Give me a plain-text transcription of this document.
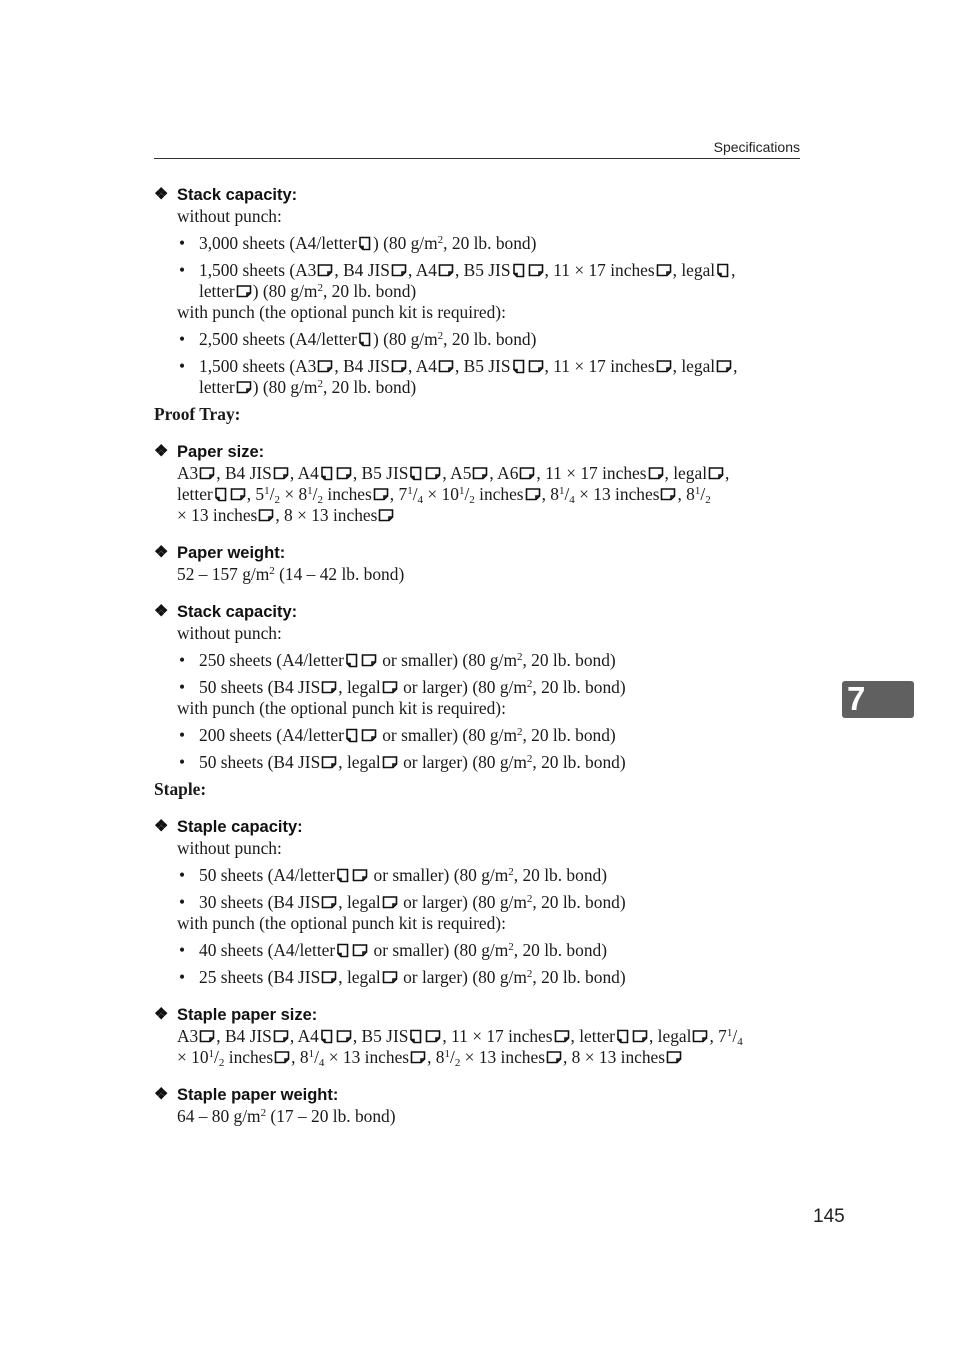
Specifications
7
❖ Stack capacity:
without punch:
• 3,000 sheets (A4/letter ) (80 $g/m^2$, 20 lb. bond)
• 1,500 sheets (A3 , B4 JIS , A4 , B5 JIS , 11 × 17 inches , legal ,
letter ) (80 $g/m^2$, 20 lb. bond)
with punch (the optional punch kit is required):
• 2,500 sheets (A4/letter ) (80 $g/m^2$, 20 lb. bond)
• 1,500 sheets (A3 , B4 JIS , A4 , B5 JIS , 11 × 17 inches , legal ,
letter ) (80 $g/m^2$, 20 lb. bond)
Proof Tray:
❖ Paper size:
A3 , B4 JIS , A4 , B5 JIS , A5 , A6 , 11 × 17 inches , legal ,
letter , $5^1/_2 \times 8^1/_2$ inches , $7^1/_4 \times 10^1/_2$ inches , $8^1/_4 \times 13$ inches , $8^1/_2$
× 13 inches , 8 × 13 inches
❖ Paper weight:
52 – 157 $g/m^2$ (14 – 42 lb. bond)
❖ Stack capacity:
without punch:
• 250 sheets (A4/letter
or smaller) (80 $g/m^2$, 20 lb. bond)
• 50 sheets (B4 JIS , legal
or larger) (80 $g/m^2$, 20 lb. bond)
with punch (the optional punch kit is required):
• 200 sheets (A4/letter
or smaller) (80 $g/m^2$, 20 lb. bond)
• 50 sheets (B4 JIS , legal
or larger) (80 $g/m^2$, 20 lb. bond)
Staple:
❖ Staple capacity:
without punch:
• 50 sheets (A4/letter
or smaller) (80 $g/m^2$, 20 lb. bond)
• 30 sheets (B4 JIS , legal
or larger) (80 $g/m^2$, 20 lb. bond)
with punch (the optional punch kit is required):
• 40 sheets (A4/letter
or smaller) (80 $g/m^2$, 20 lb. bond)
• 25 sheets (B4 JIS , legal
or larger) (80 $g/m^2$, 20 lb. bond)
❖ Staple paper size:
A3 , B4 JIS , A4 , B5 JIS , 11 × 17 inches , letter , legal , $7^1/_4$
× $10^1/_2$ inches , $8^1/_4 \times 13$ inches , $8^1/_2 \times 13$ inches , 8 × 13 inches
❖ Staple paper weight:
64 – 80 $g/m^2$ (17 – 20 lb. bond)
145
